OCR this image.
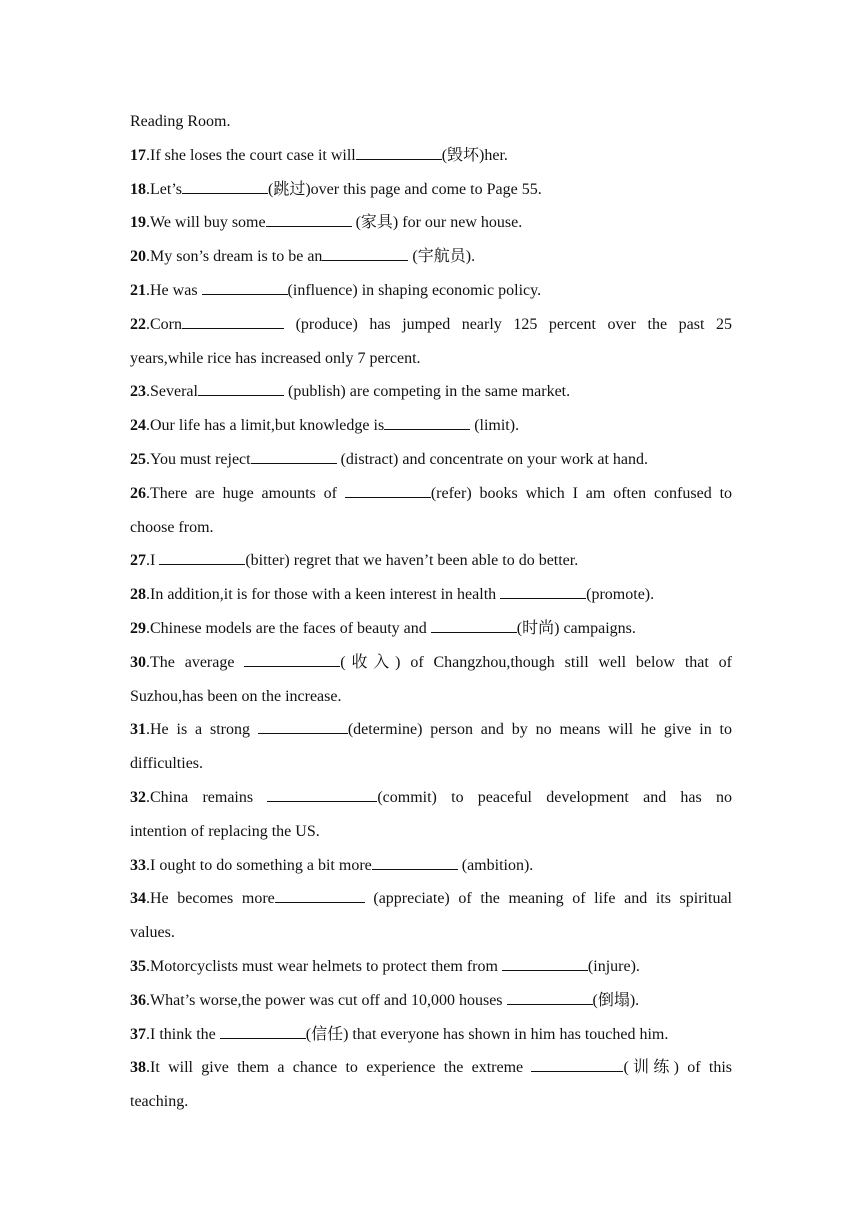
Reading Room.
17.If she loses the court case it will	(毁坏)her.
18.Let’s	(跳过)over this page and come to Page 55.
19.We will buy some	(家具) for our new house.
20.My son’s dream is to be an	(宇航员).
21.He was	(influence) in shaping economic policy.
22.Corn	(produce) has jumped nearly 125 percent over the past 25
years,while rice has increased only 7 percent.
23.Several	(publish) are competing in the same market.
24.Our life has a limit,but knowledge is	(limit).
25.You must reject	(distract) and concentrate on your work at hand.
26.There are huge amounts of	(refer) books which I am often confused to
choose from.
27.I	(bitter) regret that we haven’t been able to do better.
28.In addition,it is for those with a keen interest in health	(promote).
29.Chinese models are the faces of beauty and	(时尚) campaigns.
30.The average	(收入) of Changzhou,though still well below that of
Suzhou,has been on the increase.
31.He is a strong	(determine) person and by no means will he give in to
difficulties.
32.China remains	(commit) to peaceful development and has no
intention of replacing the US.
33.I ought to do something a bit more	(ambition).
34.He becomes more	(appreciate) of the meaning of life and its spiritual
values.
35.Motorcyclists must wear helmets to protect them from	(injure).
36.What’s worse,the power was cut off and 10,000 houses	(倒塌).
37.I think the	(信任) that everyone has shown in him has touched him.
38.It will give them a chance to experience the extreme	(训练) of this
teaching.
